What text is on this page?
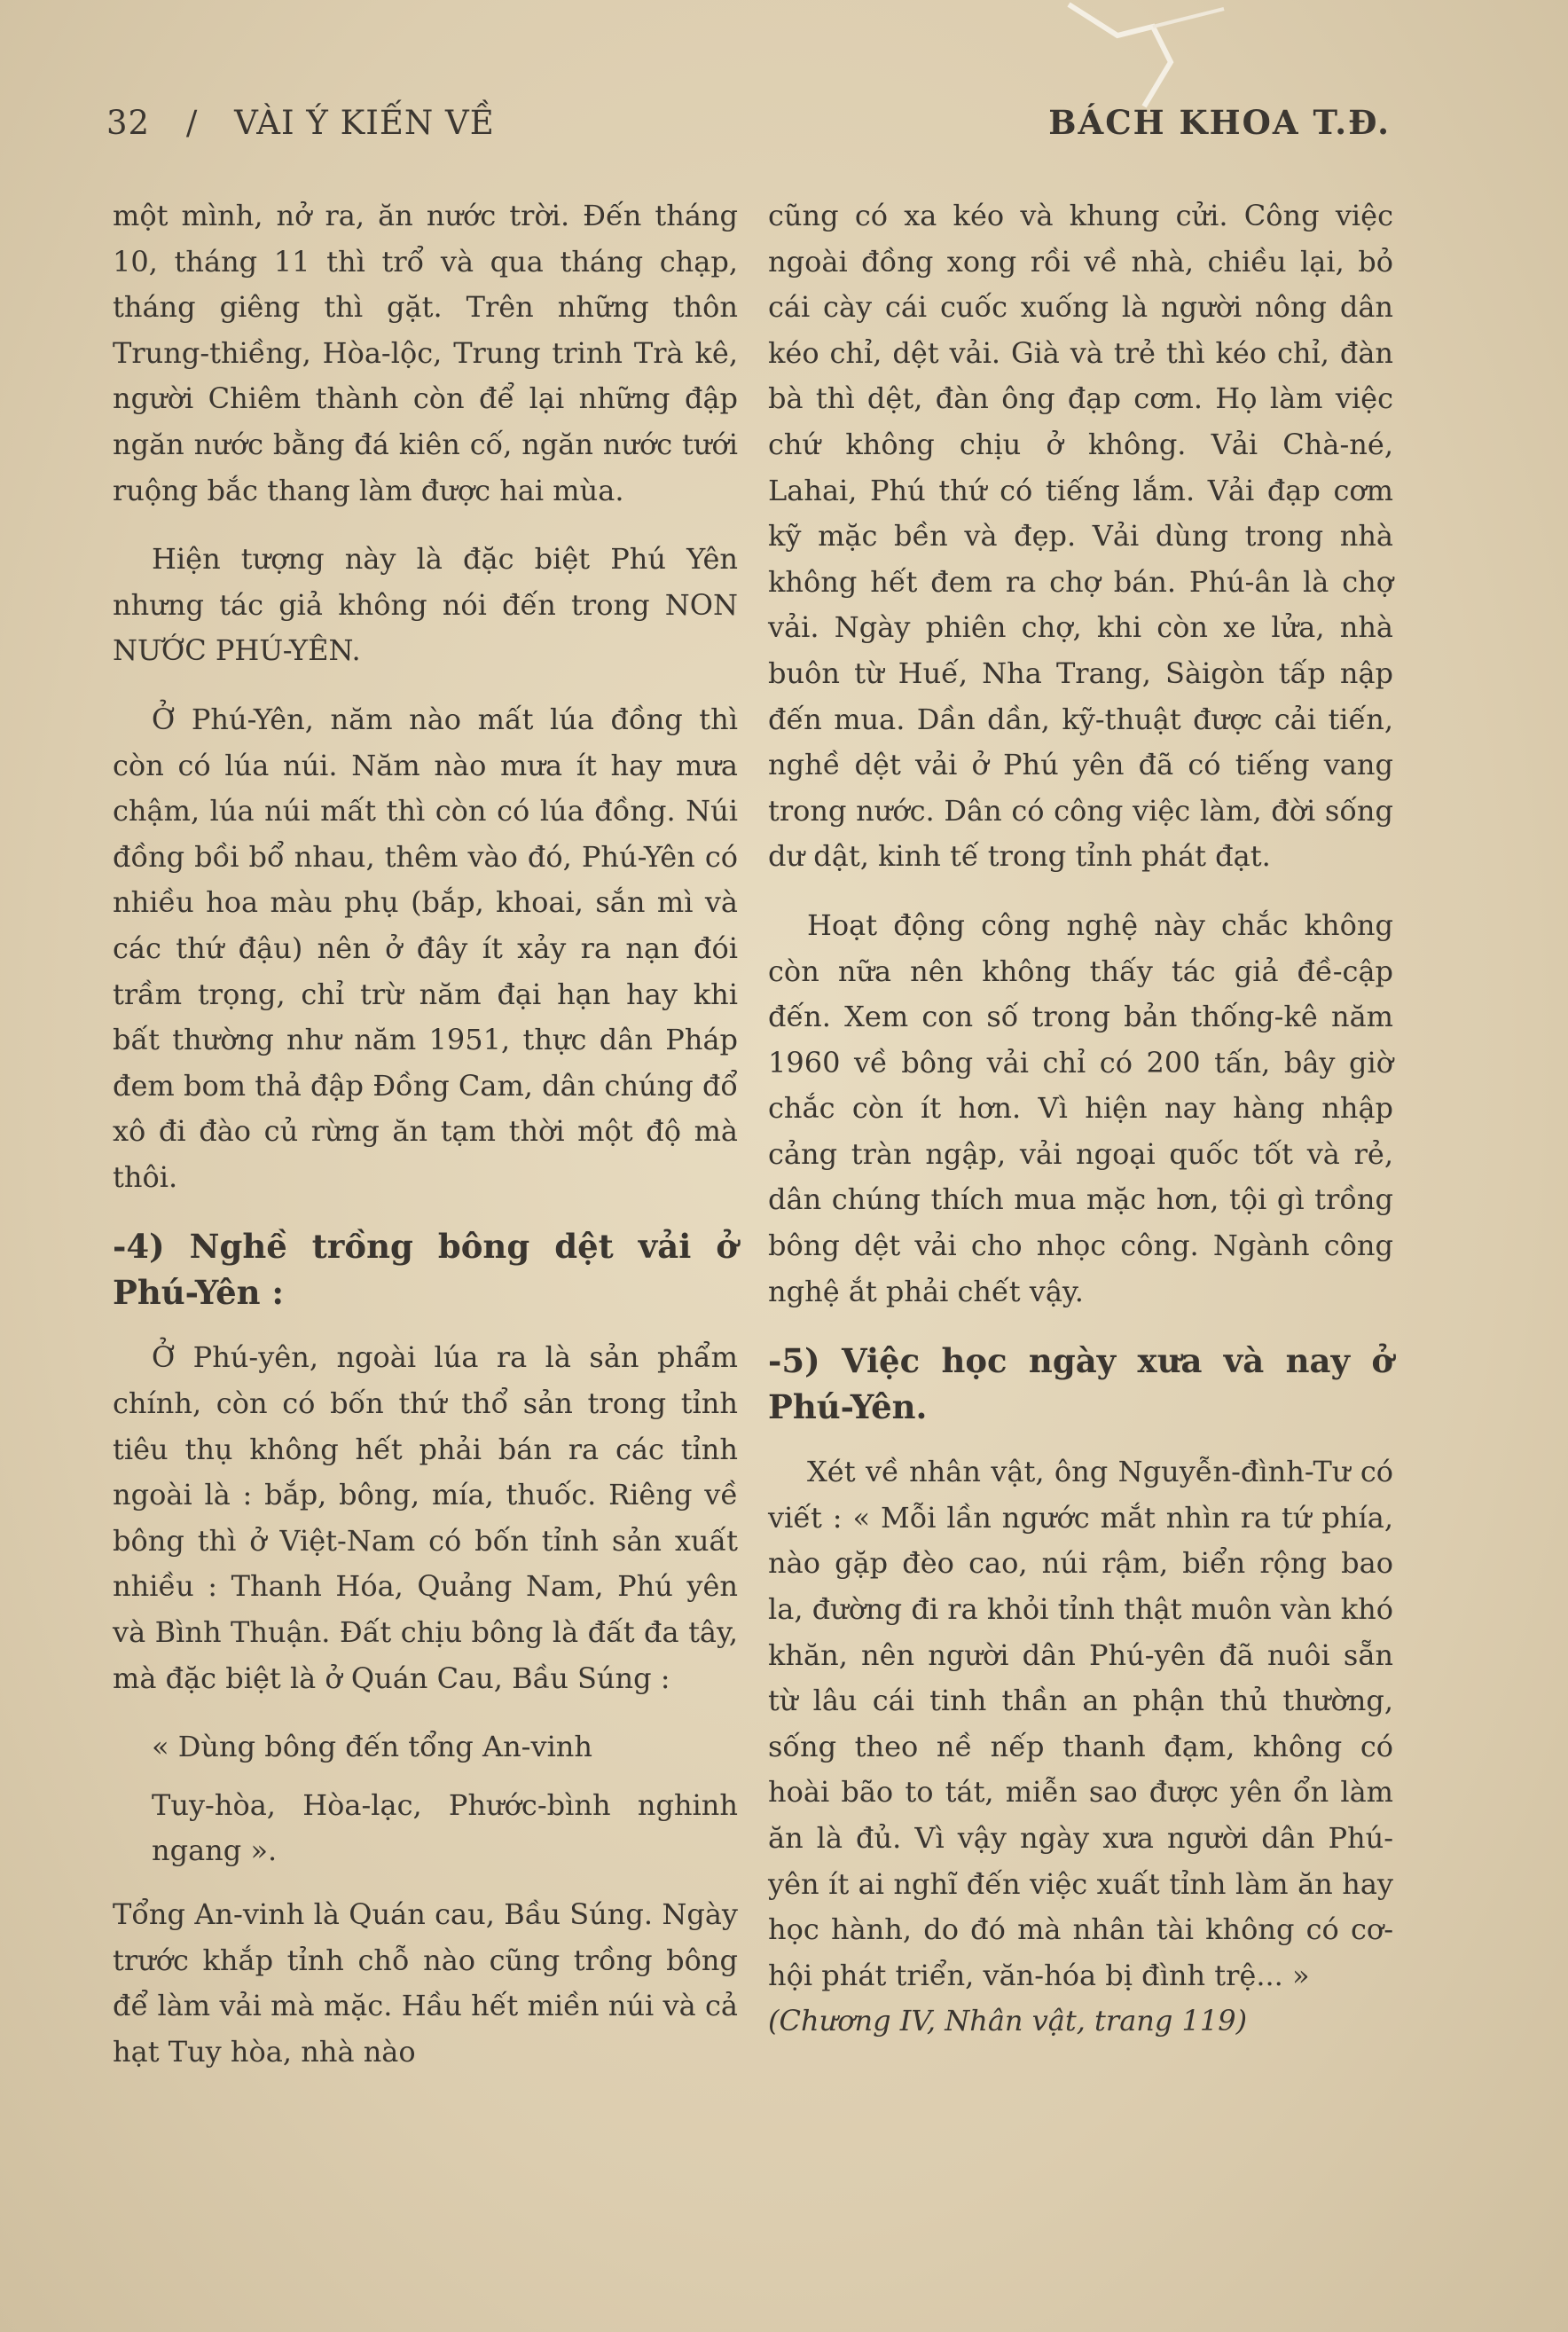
32 / VÀI Ý KIẾN VỀ	BÁCH KHOA T.Đ.

một mình, nở ra, ăn nước trời. Đến tháng 10, tháng 11 thì trổ và qua tháng chạp, tháng giêng thì gặt. Trên những thôn Trung-thiềng, Hòa-lộc, Trung trinh Trà kê, người Chiêm thành còn để lại những đập ngăn nước bằng đá kiên cố, ngăn nước tưới ruộng bắc thang làm được hai mùa.

Hiện tượng này là đặc biệt Phú Yên nhưng tác giả không nói đến trong NON NƯỚC PHÚ-YÊN.

Ở Phú-Yên, năm nào mất lúa đồng thì còn có lúa núi. Năm nào mưa ít hay mưa chậm, lúa núi mất thì còn có lúa đồng. Núi đồng bồi bổ nhau, thêm vào đó, Phú-Yên có nhiều hoa màu phụ (bắp, khoai, sắn mì và các thứ đậu) nên ở đây ít xảy ra nạn đói trầm trọng, chỉ trừ năm đại hạn hay khi bất thường như năm 1951, thực dân Pháp đem bom thả đập Đồng Cam, dân chúng đổ xô đi đào củ rừng ăn tạm thời một độ mà thôi.

-4) Nghề trồng bông dệt vải ở Phú-Yên :

Ở Phú-yên, ngoài lúa ra là sản phẩm chính, còn có bốn thứ thổ sản trong tỉnh tiêu thụ không hết phải bán ra các tỉnh ngoài là : bắp, bông, mía, thuốc. Riêng về bông thì ở Việt-Nam có bốn tỉnh sản xuất nhiều : Thanh Hóa, Quảng Nam, Phú yên và Bình Thuận. Đất chịu bông là đất đa tây, mà đặc biệt là ở Quán Cau, Bầu Súng :

« Dùng bông đến tổng An-vinh
Tuy-hòa, Hòa-lạc, Phước-bình nghinh ngang ».

Tổng An-vinh là Quán cau, Bầu Súng. Ngày trước khắp tỉnh chỗ nào cũng trồng bông để làm vải mà mặc. Hầu hết miền núi và cả hạt Tuy hòa, nhà nào

cũng có xa kéo và khung cửi. Công việc ngoài đồng xong rồi về nhà, chiều lại, bỏ cái cày cái cuốc xuống là người nông dân kéo chỉ, dệt vải. Già và trẻ thì kéo chỉ, đàn bà thì dệt, đàn ông đạp cơm. Họ làm việc chứ không chịu ở không. Vải Chà-né, Lahai, Phú thứ có tiếng lắm. Vải đạp cơm kỹ mặc bền và đẹp. Vải dùng trong nhà không hết đem ra chợ bán. Phú-ân là chợ vải. Ngày phiên chợ, khi còn xe lửa, nhà buôn từ Huế, Nha Trang, Sàigòn tấp nập đến mua. Dần dần, kỹ-thuật được cải tiến, nghề dệt vải ở Phú yên đã có tiếng vang trong nước. Dân có công việc làm, đời sống dư dật, kinh tế trong tỉnh phát đạt.

Hoạt động công nghệ này chắc không còn nữa nên không thấy tác giả đề-cập đến. Xem con số trong bản thống-kê năm 1960 về bông vải chỉ có 200 tấn, bây giờ chắc còn ít hơn. Vì hiện nay hàng nhập cảng tràn ngập, vải ngoại quốc tốt và rẻ, dân chúng thích mua mặc hơn, tội gì trồng bông dệt vải cho nhọc công. Ngành công nghệ ắt phải chết vậy.

-5) Việc học ngày xưa và nay ở Phú-Yên.

Xét về nhân vật, ông Nguyễn-đình-Tư có viết : « Mỗi lần ngước mắt nhìn ra tứ phía, nào gặp đèo cao, núi rậm, biển rộng bao la, đường đi ra khỏi tỉnh thật muôn vàn khó khăn, nên người dân Phú-yên đã nuôi sẵn từ lâu cái tinh thần an phận thủ thường, sống theo nề nếp thanh đạm, không có hoài bão to tát, miễn sao được yên ổn làm ăn là đủ. Vì vậy ngày xưa người dân Phú-yên ít ai nghĩ đến việc xuất tỉnh làm ăn hay học hành, do đó mà nhân tài không có cơ-hội phát triển, văn-hóa bị đình trệ... »

(Chương IV, Nhân vật, trang 119)
